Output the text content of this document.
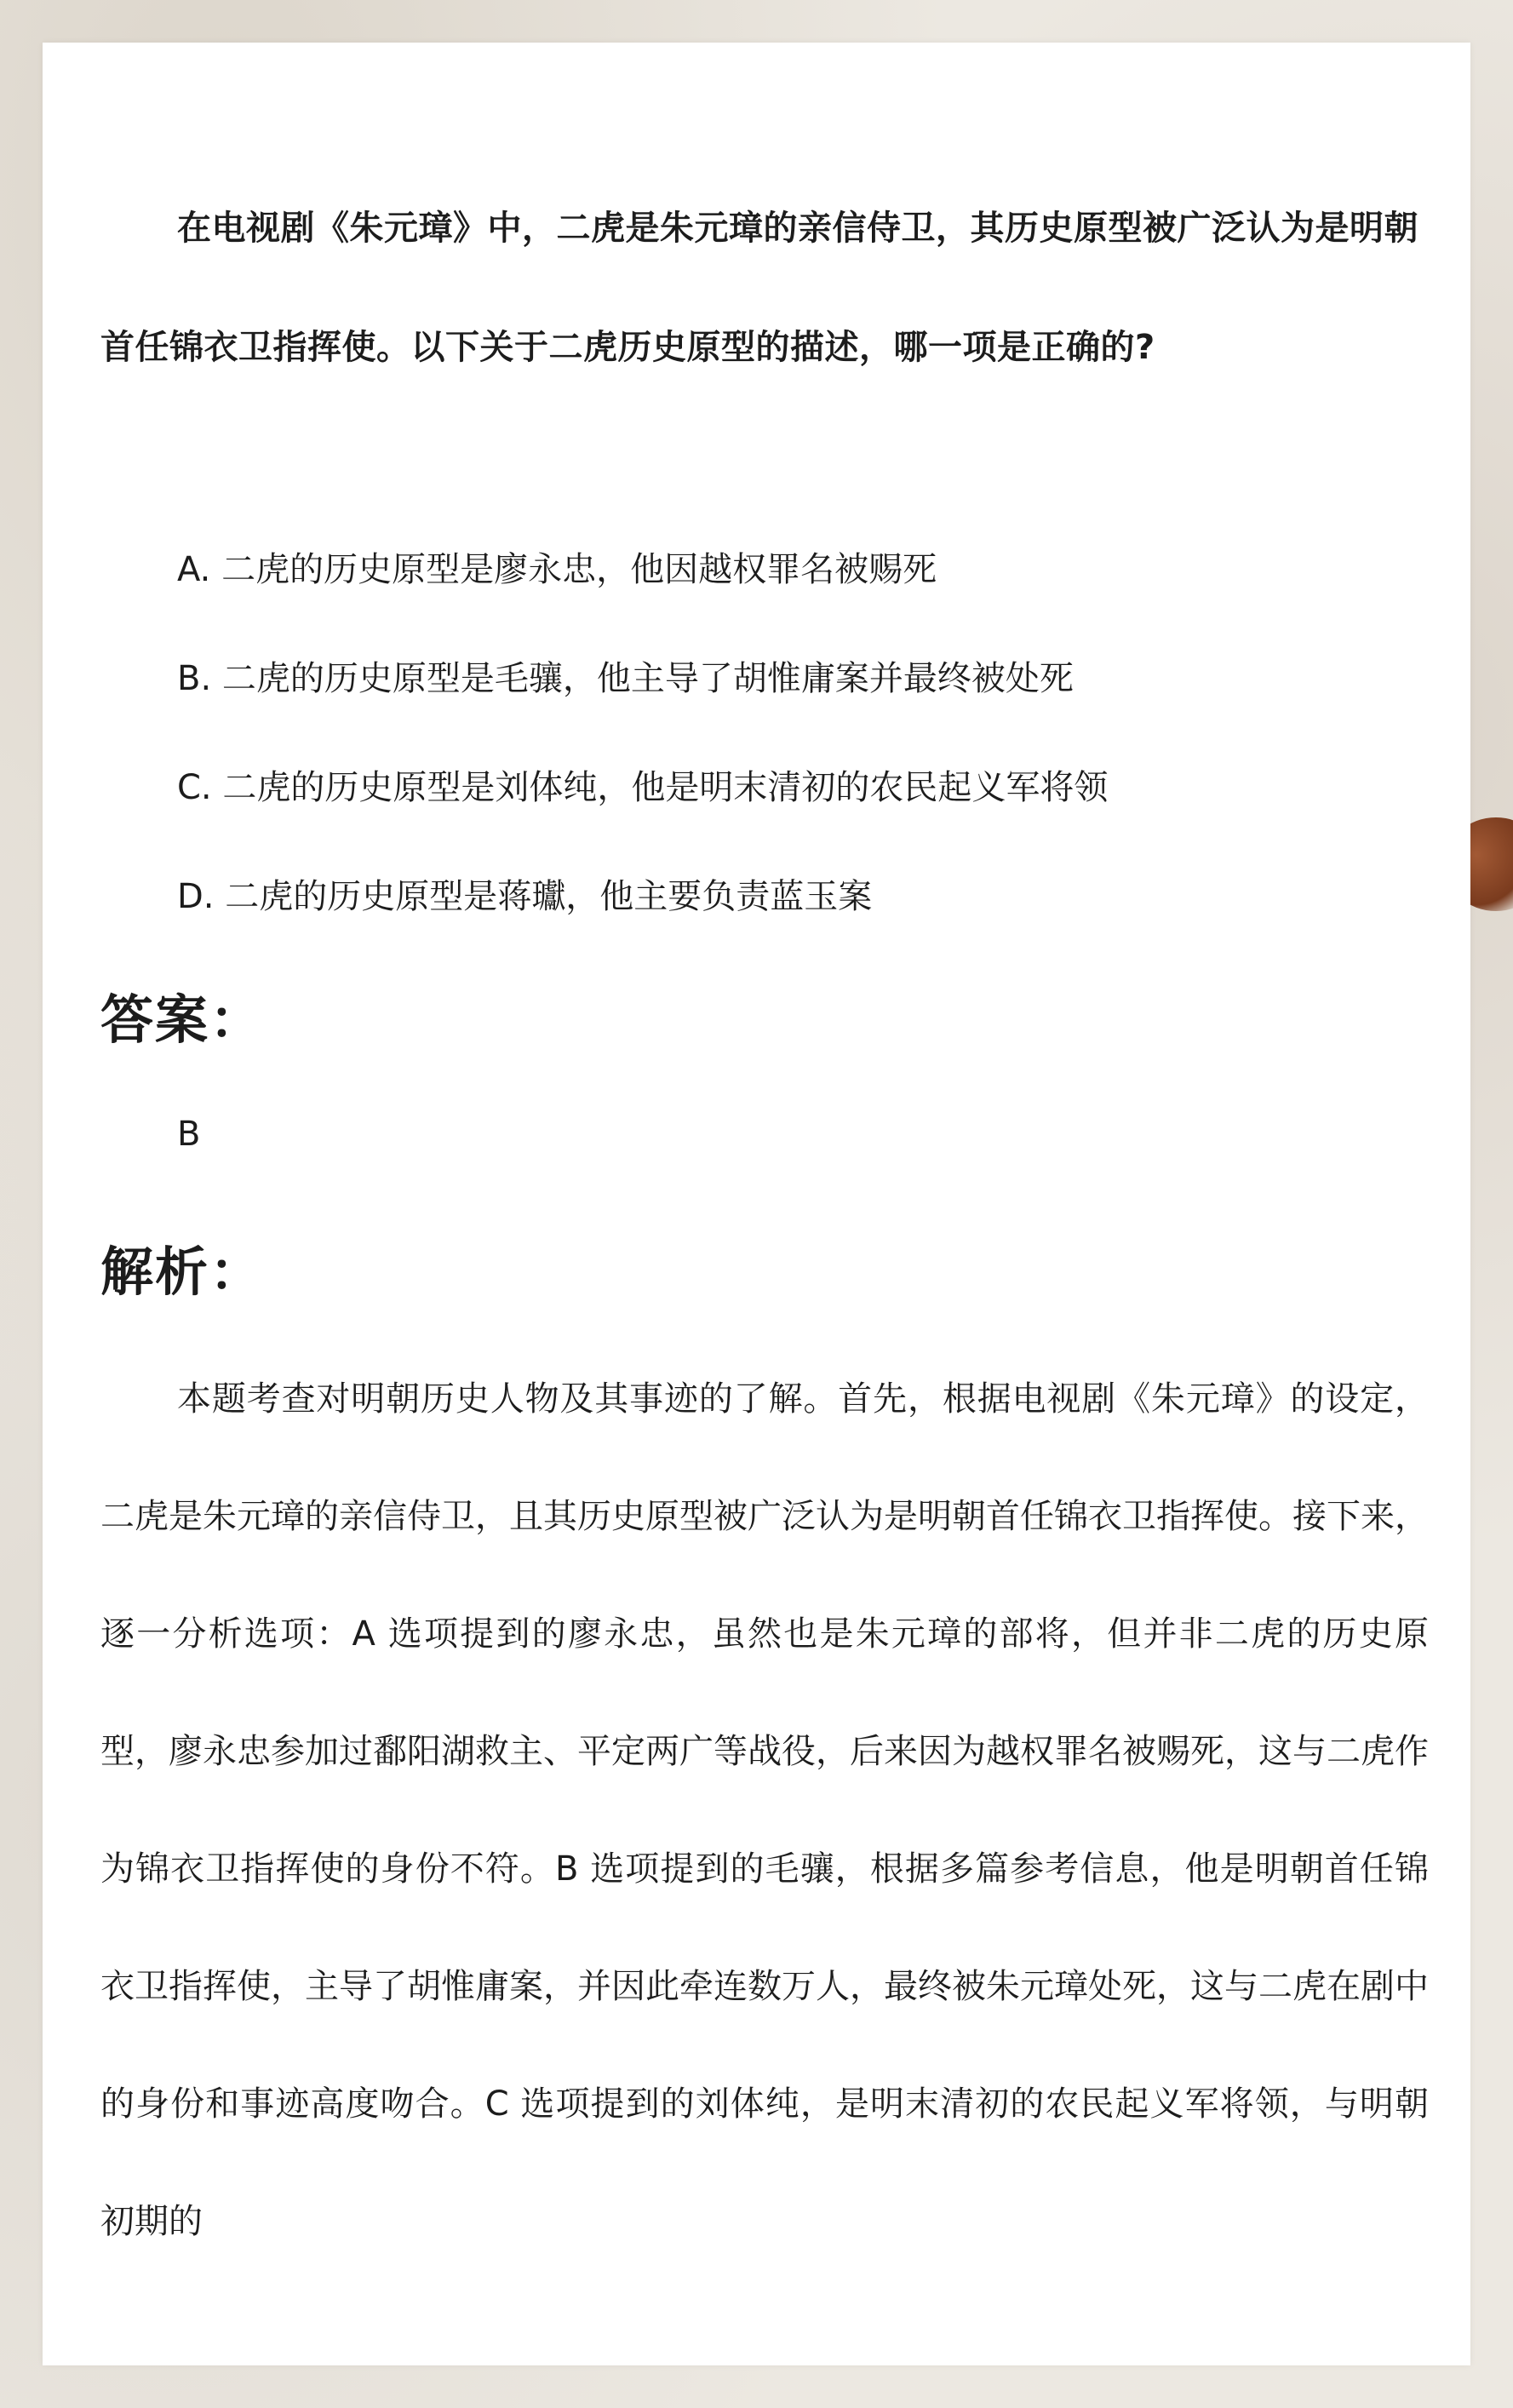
在电视剧《朱元璋》中，二虎是朱元璋的亲信侍卫，其历史原型被广泛认为是明朝首任锦衣卫指挥使。以下关于二虎历史原型的描述，哪一项是正确的?

A. 二虎的历史原型是廖永忠，他因越权罪名被赐死
B. 二虎的历史原型是毛骧，他主导了胡惟庸案并最终被处死
C. 二虎的历史原型是刘体纯，他是明末清初的农民起义军将领
D. 二虎的历史原型是蒋瓛，他主要负责蓝玉案
答案：
B
解析：

本题考查对明朝历史人物及其事迹的了解。首先，根据电视剧《朱元璋》的设定，二虎是朱元璋的亲信侍卫，且其历史原型被广泛认为是明朝首任锦衣卫指挥使。接下来，逐一分析选项：A 选项提到的廖永忠，虽然也是朱元璋的部将，但并非二虎的历史原型，廖永忠参加过鄱阳湖救主、平定两广等战役，后来因为越权罪名被赐死，这与二虎作为锦衣卫指挥使的身份不符。B 选项提到的毛骧，根据多篇参考信息，他是明朝首任锦衣卫指挥使，主导了胡惟庸案，并因此牵连数万人，最终被朱元璋处死，这与二虎在剧中的身份和事迹高度吻合。C 选项提到的刘体纯，是明末清初的农民起义军将领，与明朝初期的
